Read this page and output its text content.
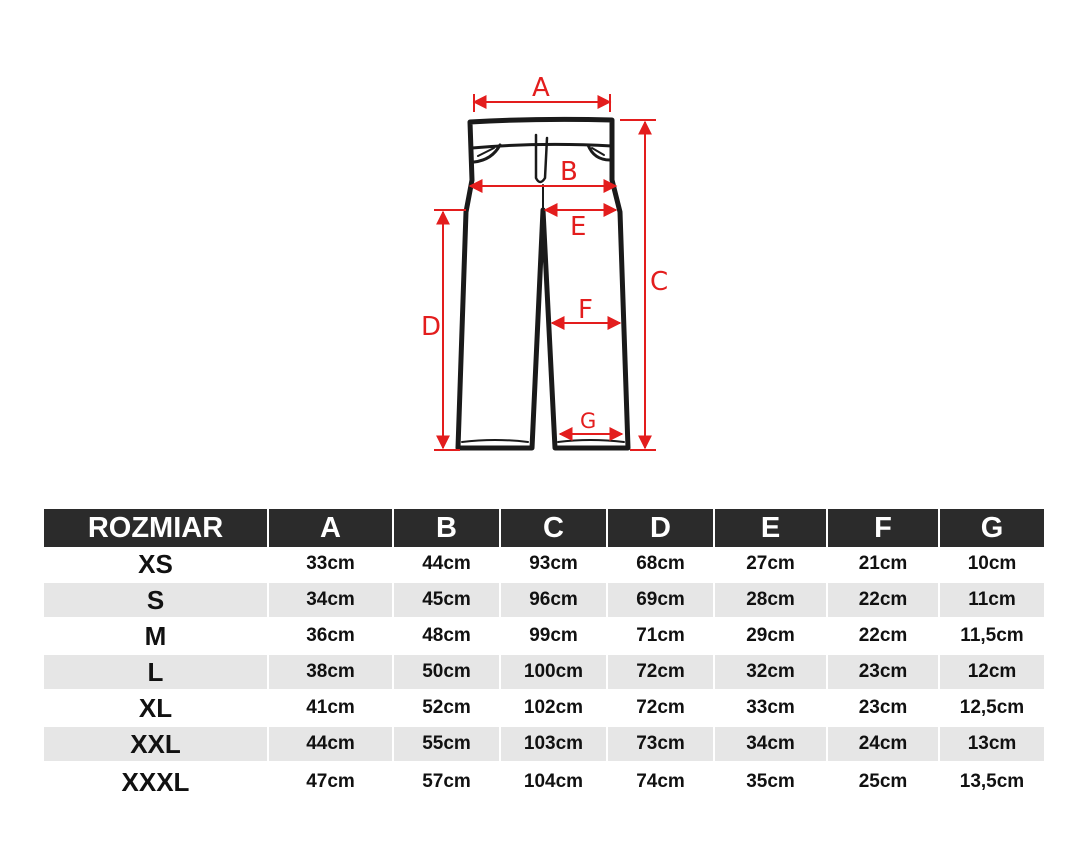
A
B
C
D
E
F
G
ROZMIAR	A	B	C	D	E	F	G
XS	33cm	44cm	93cm	68cm	27cm	21cm	10cm
S	34cm	45cm	96cm	69cm	28cm	22cm	11cm
M	36cm	48cm	99cm	71cm	29cm	22cm	11,5cm
L	38cm	50cm	100cm	72cm	32cm	23cm	12cm
XL	41cm	52cm	102cm	72cm	33cm	23cm	12,5cm
XXL	44cm	55cm	103cm	73cm	34cm	24cm	13cm
XXXL	47cm	57cm	104cm	74cm	35cm	25cm	13,5cm
